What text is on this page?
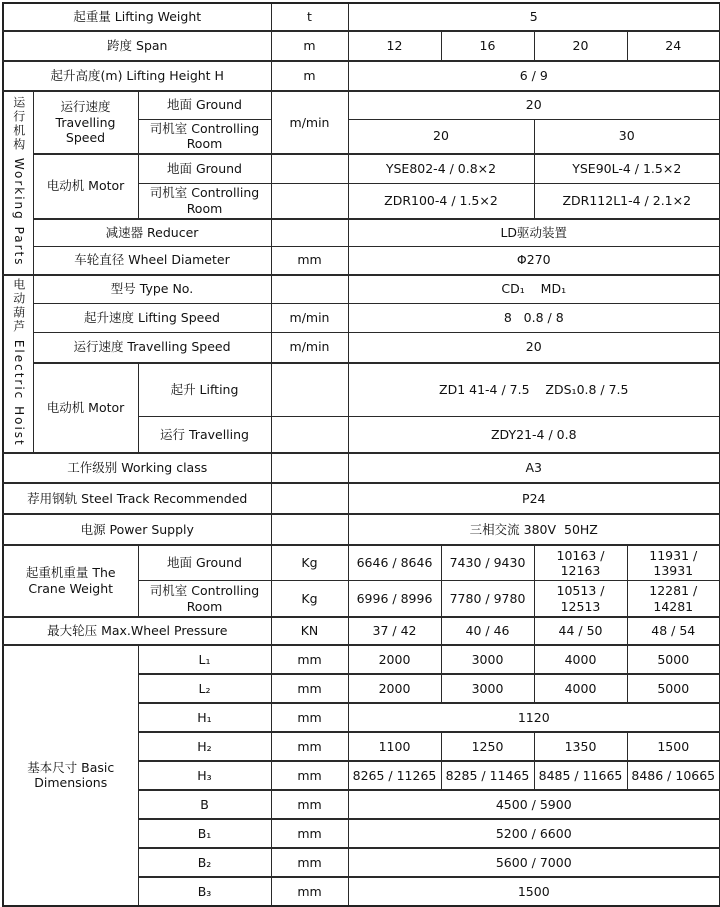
起重量 Lifting Weight			t	5			
跨度 Span			m	12	16	20	24
起升高度(m) Lifting Height H			m	6 / 9			
运行机构 Working Parts	运行速度 Travelling Speed	地面 Ground	m/min	20			
		司机室 Controlling Room		20		30	
	电动机 Motor	地面 Ground		YSE802-4 / 0.8×2		YSE90L-4 / 1.5×2	
		司机室 Controlling Room		ZDR100-4 / 1.5×2		ZDR112L1-4 / 2.1×2	
	减速器 Reducer			LD驱动装置			
	车轮直径 Wheel Diameter		mm	Φ270			
电动葫芦 Electric Hoist	型号 Type No.			CD₁    MD₁			
	起升速度 Lifting Speed		m/min	8   0.8 / 8			
	运行速度 Travelling Speed		m/min	20			
	电动机 Motor	起升 Lifting		ZD1 41-4 / 7.5    ZDS₁0.8 / 7.5			
		运行 Travelling		ZDY21-4 / 0.8			
工作级别 Working class				A3			
荐用钢轨 Steel Track Recommended				P24			
电源 Power Supply				三相交流 380V  50HZ			
起重机重量 The Crane Weight		地面 Ground	Kg	6646 / 8646	7430 / 9430	10163 / 12163	11931 / 13931
		司机室 Controlling Room	Kg	6996 / 8996	7780 / 9780	10513 / 12513	12281 / 14281
最大轮压 Max.Wheel Pressure			KN	37 / 42	40 / 46	44 / 50	48 / 54
基本尺寸 Basic Dimensions		L₁	mm	2000	3000	4000	5000
		L₂	mm	2000	3000	4000	5000
		H₁	mm	1120			
		H₂	mm	1100	1250	1350	1500
		H₃	mm	8265 / 11265	8285 / 11465	8485 / 11665	8486 / 10665
		B	mm	4500 / 5900			
		B₁	mm	5200 / 6600			
		B₂	mm	5600 / 7000			
		B₃	mm	1500			
